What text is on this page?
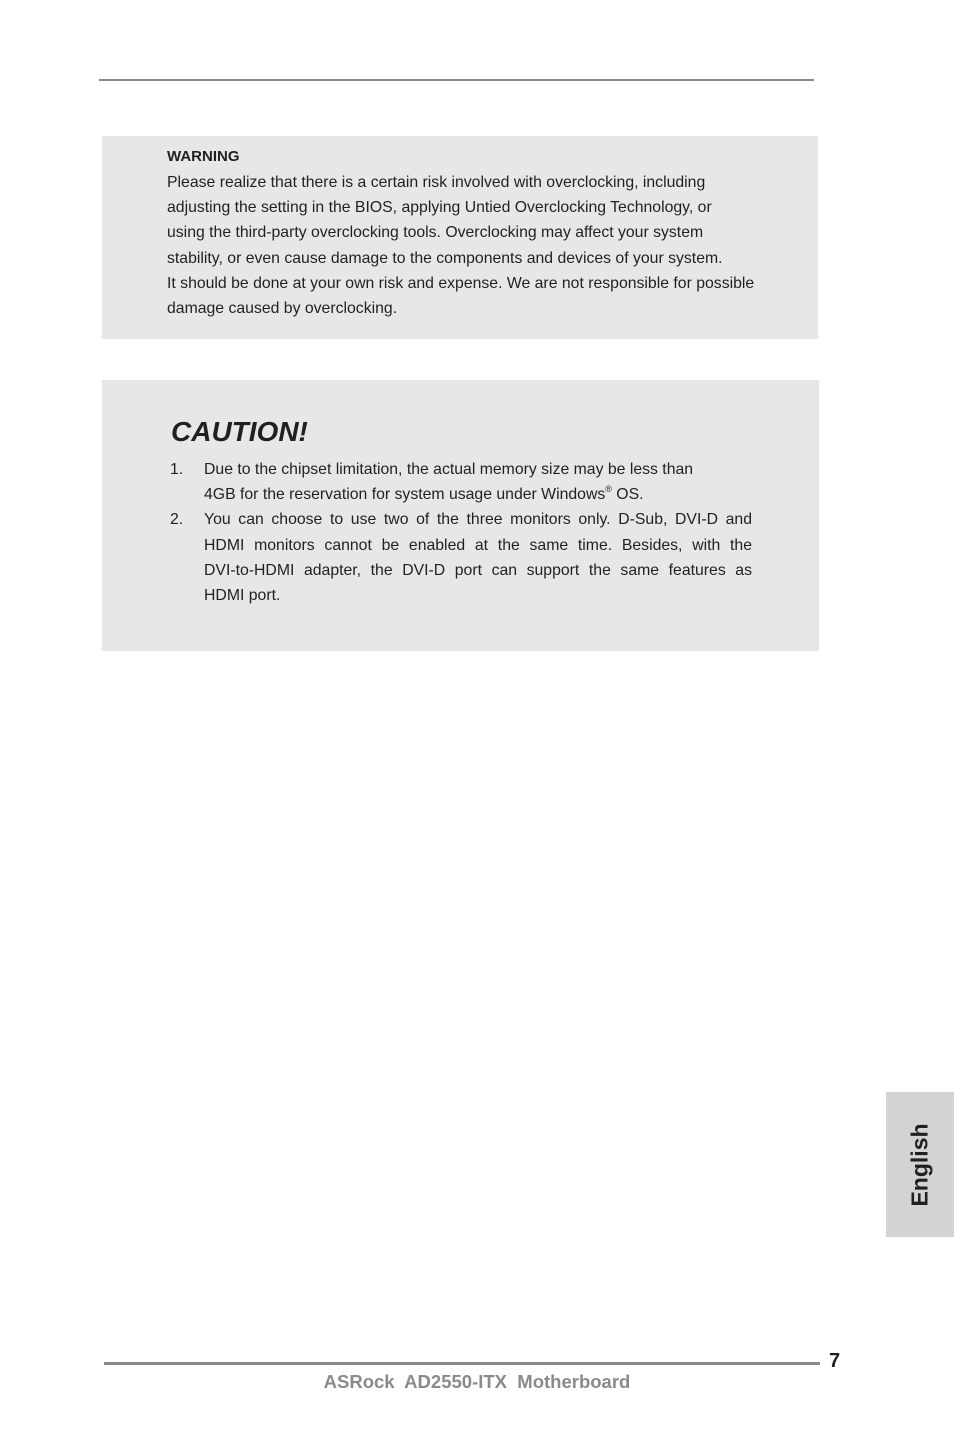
WARNING

Please realize that there is a certain risk involved with overclocking, including
adjusting the setting in the BIOS, applying Untied Overclocking Technology, or
using the third-party overclocking tools. Overclocking may affect your system
stability, or even cause damage to the components and devices of your system.
It should be done at your own risk and expense. We are not responsible for possible
damage caused by overclocking.

CAUTION!
1. Due to the chipset limitation, the actual memory size may be less than
4GB for the reservation for system usage under Windows® OS.
2. You can choose to use two of the three monitors only. D-Sub, DVI-D and
HDMI monitors cannot be enabled at the same time. Besides, with the
DVI-to-HDMI adapter, the DVI-D port can support the same features as
HDMI port.
English
7
ASRock  AD2550-ITX  Motherboard
